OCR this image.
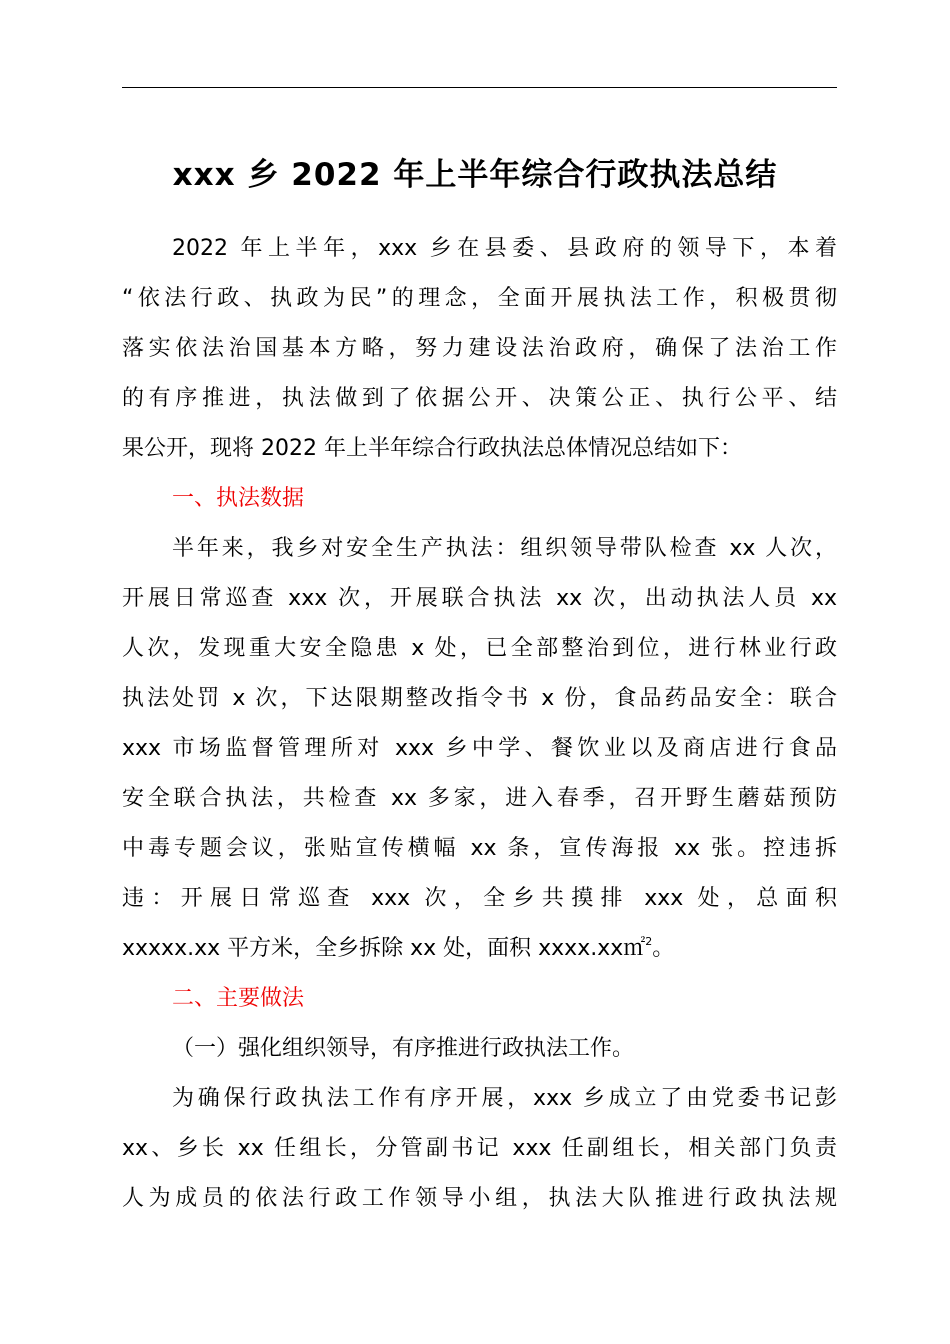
xxx 乡 2022 年上半年综合行政执法总结
2022 年上半年，xxx 乡在县委、县政府的领导下，本着
“依法行政、执政为民”的理念，全面开展执法工作，积极贯彻
落实依法治国基本方略，努力建设法治政府，确保了法治工作
的有序推进，执法做到了依据公开、决策公正、执行公平、结
果公开，现将 2022 年上半年综合行政执法总体情况总结如下：
一、执法数据
半年来，我乡对安全生产执法：组织领导带队检查 xx 人次，
开展日常巡查 xxx 次，开展联合执法 xx 次，出动执法人员 xx
人次，发现重大安全隐患 x 处，已全部整治到位，进行林业行政
执法处罚 x 次，下达限期整改指令书 x 份，食品药品安全：联合
xxx 市场监督管理所对 xxx 乡中学、餐饮业以及商店进行食品
安全联合执法，共检查 xx 多家，进入春季，召开野生蘑菇预防
中毒专题会议，张贴宣传横幅 xx 条，宣传海报 xx 张。控违拆
违：开展日常巡查 xxx 次，全乡共摸排 xxx 处，总面积
xxxxx.xx 平方米，全乡拆除 xx 处，面积 xxxx.xx㎡$^2$。
二、主要做法
（一）强化组织领导，有序推进行政执法工作。
为确保行政执法工作有序开展，xxx 乡成立了由党委书记彭
xx、乡长 xx 任组长，分管副书记 xxx 任副组长，相关部门负责
人为成员的依法行政工作领导小组，执法大队推进行政执法规
